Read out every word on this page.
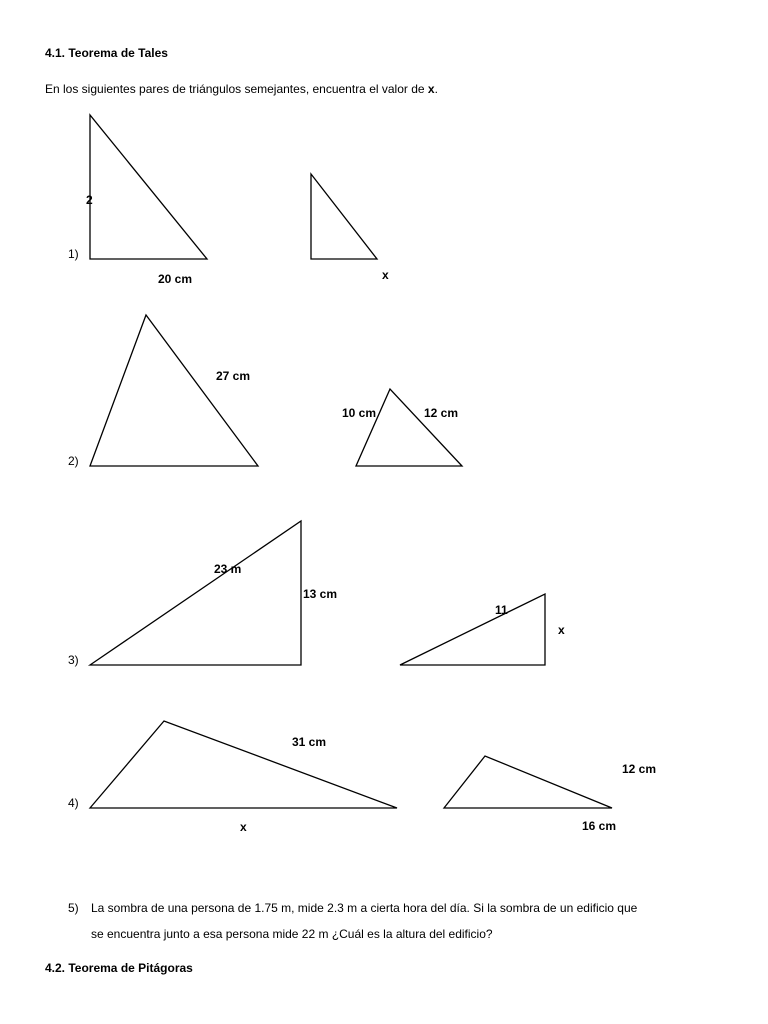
4.1. Teorema de Tales
En los siguientes pares de triángulos semejantes, encuentra el valor de x.
1)
2)
3)
4)
2
20 cm	x
27 cm
10 cm	12 cm
23 m
13 cm
11
x
31 cm
x
12 cm
16 cm
5) La sombra de una persona de 1.75 m, mide 2.3 m a cierta hora del día. Si la sombra de un edificio que
se encuentra junto a esa persona mide 22 m ¿Cuál es la altura del edificio?
4.2. Teorema de Pitágoras
